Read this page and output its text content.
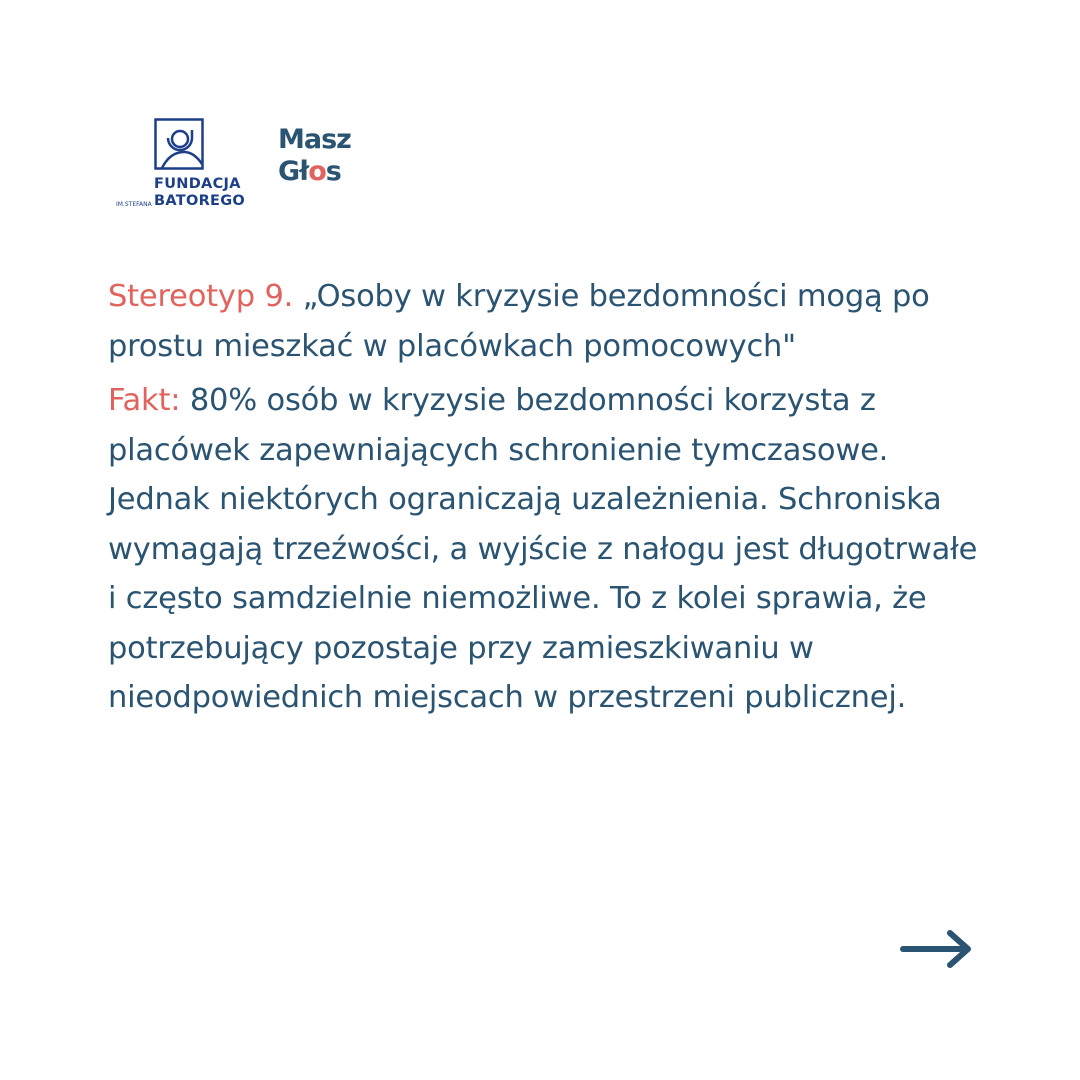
FUNDACJA
IM.STEFANA BATOREGO
Masz
Głos

Stereotyp 9. „Osoby w kryzysie bezdomności mogą po prostu mieszkać w placówkach pomocowych"

Fakt: 80% osób w kryzysie bezdomności korzysta z placówek zapewniających schronienie tymczasowe. Jednak niektórych ograniczają uzależnienia. Schroniska wymagają trzeźwości, a wyjście z nałogu jest długotrwałe i często samdzielnie niemożliwe. To z kolei sprawia, że potrzebujący pozostaje przy zamieszkiwaniu w nieodpowiednich miejscach w przestrzeni publicznej.
